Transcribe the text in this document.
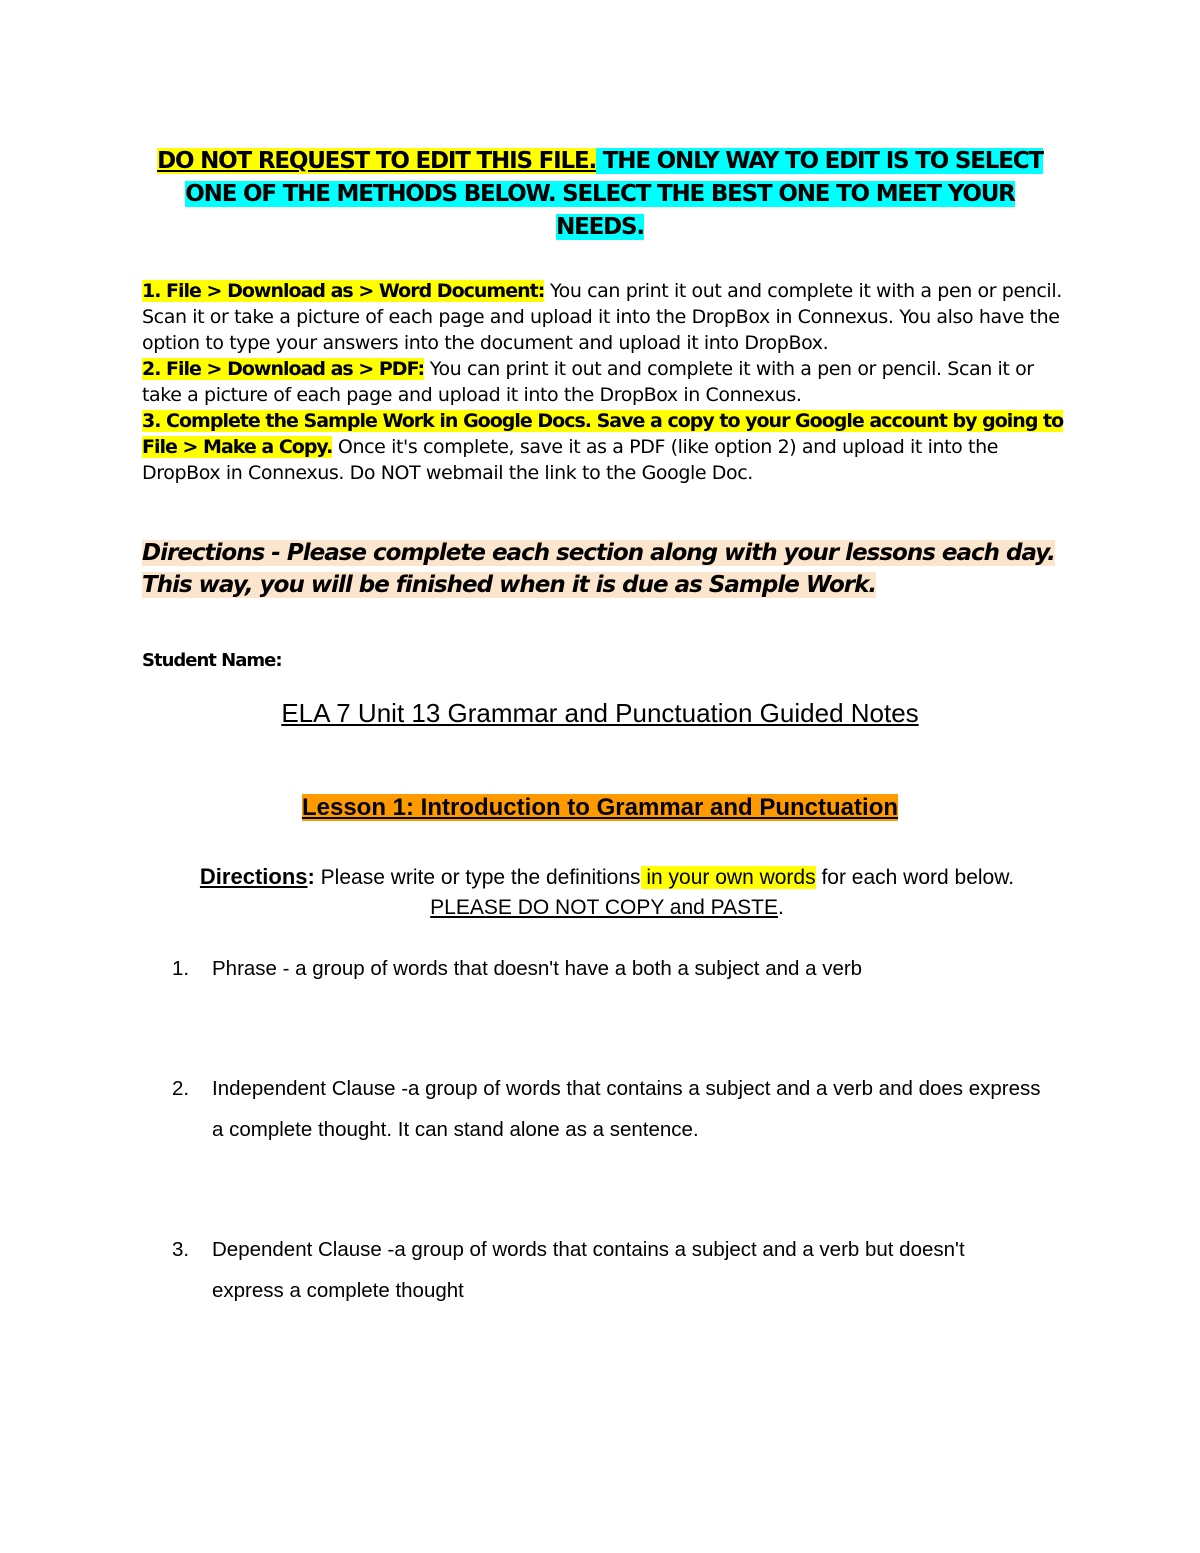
DO NOT REQUEST TO EDIT THIS FILE. THE ONLY WAY TO EDIT IS TO SELECT ONE OF THE METHODS BELOW. SELECT THE BEST ONE TO MEET YOUR NEEDS.

1. File > Download as > Word Document: You can print it out and complete it with a pen or pencil. Scan it or take a picture of each page and upload it into the DropBox in Connexus. You also have the option to type your answers into the document and upload it into DropBox.

2. File > Download as > PDF: You can print it out and complete it with a pen or pencil. Scan it or take a picture of each page and upload it into the DropBox in Connexus.

3. Complete the Sample Work in Google Docs. Save a copy to your Google account by going to File > Make a Copy. Once it's complete, save it as a PDF (like option 2) and upload it into the DropBox in Connexus. Do NOT webmail the link to the Google Doc.

Directions - Please complete each section along with your lessons each day. This way, you will be finished when it is due as Sample Work.
Student Name:
ELA 7 Unit 13 Grammar and Punctuation Guided Notes
Lesson 1: Introduction to Grammar and Punctuation
Directions: Please write or type the definitions in your own words for each word below.
PLEASE DO NOT COPY and PASTE.
1. Phrase - a group of words that doesn't have a both a subject and a verb
2. Independent Clause -a group of words that contains a subject and a verb and does express a complete thought. It can stand alone as a sentence.
3. Dependent Clause -a group of words that contains a subject and a verb but doesn't express a complete thought
